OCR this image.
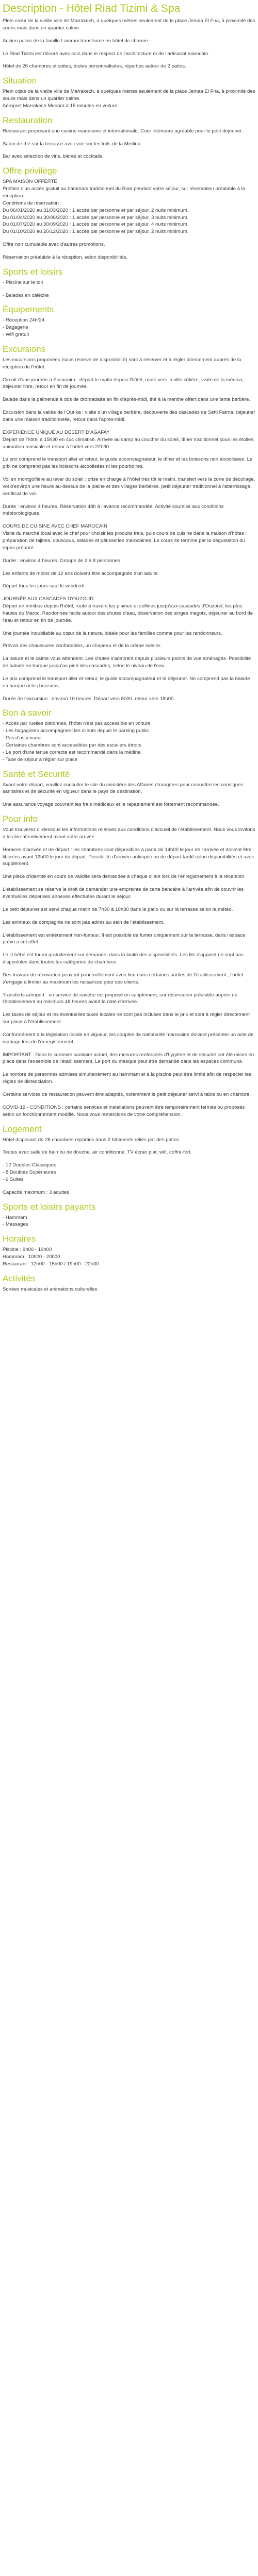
Description - Hôtel Riad Tizimi & Spa

Plein cœur de la vieille ville de Marrakech, à quelques mètres seulement de la place Jemaa El Fna, à proximité des souks mais dans un quartier calme.

Ancien palais de la famille Lamrani transformé en hôtel de charme.

Le Riad Tizimi est décoré avec soin dans le respect de l'architecture et de l'artisanat marocain.

Hôtel de 26 chambres et suites, toutes personnalisées, réparties autour de 2 patios.

Situation

Plein cœur de la vieille ville de Marrakech, à quelques mètres seulement de la place Jemaa El Fna, à proximité des souks mais dans un quartier calme.

Aéroport Marrakech Menara à 15 minutes en voiture.

Restauration

Restaurant proposant une cuisine marocaine et internationale. Cour intérieure agréable pour le petit déjeuner.

Salon de thé sur la terrasse avec vue sur les toits de la Médina.

Bar avec sélection de vins, bières et cocktails.

Offre privilège

SPA MAISON OFFERTE

Profitez d'un accès gratuit au hammam traditionnel du Riad pendant votre séjour, sur réservation préalable à la réception.

Conditions de réservation :

Du 06/01/2020 au 31/03/2020 : 1 accès par personne et par séjour. 2 nuits minimum.

Du 01/04/2020 au 30/06/2020 : 1 accès par personne et par séjour. 3 nuits minimum.

Du 01/07/2020 au 30/09/2020 : 1 accès par personne et par séjour. 4 nuits minimum.

Du 01/10/2020 au 20/12/2020 : 1 accès par personne et par séjour. 2 nuits minimum.

Offre non cumulable avec d'autres promotions.

Réservation préalable à la réception, selon disponibilités.

Sports et loisirs

- Piscine sur le toit

- Balades en calèche

Équipements

- Réception 24h/24

- Bagagerie

- Wifi gratuit

Excursions

Les excursions proposées (sous réserve de disponibilité) sont à réserver et à régler directement auprès de la réception de l'hôtel.

Circuit d'une journée à Essaouira : départ le matin depuis l'hôtel, route vers la ville côtière, visite de la médina, déjeuner libre, retour en fin de journée.

Balade dans la palmeraie à dos de dromadaire en fin d'après-midi, thé à la menthe offert dans une tente berbère.

Excursion dans la vallée de l'Ourika : visite d'un village berbère, découverte des cascades de Setti Fatma, déjeuner dans une maison traditionnelle, retour dans l'après-midi.

EXPÉRIENCE UNIQUE AU DÉSERT D'AGAFAY

Départ de l'hôtel à 15h30 en 4x4 climatisé. Arrivée au camp au coucher du soleil, dîner traditionnel sous les étoiles, animation musicale et retour à l'hôtel vers 22h30.

Le prix comprend le transport aller et retour, le guide accompagnateur, le dîner et les boissons non alcoolisées. Le prix ne comprend pas les boissons alcoolisées ni les pourboires.

Vol en montgolfière au lever du soleil : prise en charge à l'hôtel très tôt le matin, transfert vers la zone de décollage, vol d'environ une heure au-dessus de la plaine et des villages berbères, petit déjeuner traditionnel à l'atterrissage, certificat de vol.

Durée : environ 4 heures. Réservation 48h à l'avance recommandée. Activité soumise aux conditions météorologiques.

COURS DE CUISINE AVEC CHEF MAROCAIN

Visite du marché local avec le chef pour choisir les produits frais, puis cours de cuisine dans la maison d'hôtes : préparation de tajines, couscous, salades et pâtisseries marocaines. Le cours se termine par la dégustation du repas préparé.

Durée : environ 4 heures. Groupe de 2 à 8 personnes.

Les enfants de moins de 12 ans doivent être accompagnés d'un adulte.

Départ tous les jours sauf le vendredi.

JOURNÉE AUX CASCADES D'OUZOUD

Départ en minibus depuis l'hôtel, route à travers les plaines et collines jusqu'aux cascades d'Ouzoud, les plus hautes du Maroc. Randonnée facile autour des chutes d'eau, observation des singes magots, déjeuner au bord de l'eau et retour en fin de journée.

Une journée inoubliable au cœur de la nature, idéale pour les familles comme pour les randonneurs.

Prévoir des chaussures confortables, un chapeau et de la crème solaire.

La nature et le calme vous attendent. Les chutes s'admirent depuis plusieurs points de vue aménagés. Possibilité de balade en barque jusqu'au pied des cascades, selon le niveau de l'eau.

Le prix comprend le transport aller et retour, le guide accompagnateur et le déjeuner. Ne comprend pas la balade en barque ni les boissons.

Durée de l'excursion : environ 10 heures. Départ vers 8h00, retour vers 18h00.

Bon à savoir

- Accès par ruelles piétonnes, l'hôtel n'est pas accessible en voiture

- Les bagagistes accompagnent les clients depuis le parking public

- Pas d'ascenseur

- Certaines chambres sont accessibles par des escaliers étroits

- Le port d'une tenue correcte est recommandé dans la médina

- Taxe de séjour à régler sur place

Santé et Sécurité

Avant votre départ, veuillez consulter le site du ministère des Affaires étrangères pour connaître les consignes sanitaires et de sécurité en vigueur dans le pays de destination.

Une assurance voyage couvrant les frais médicaux et le rapatriement est fortement recommandée.

Pour info

Vous trouverez ci-dessous les informations relatives aux conditions d'accueil de l'établissement. Nous vous invitons à les lire attentivement avant votre arrivée.

Horaires d'arrivée et de départ : les chambres sont disponibles à partir de 14h00 le jour de l'arrivée et doivent être libérées avant 12h00 le jour du départ. Possibilité d'arrivée anticipée ou de départ tardif selon disponibilités et avec supplément.

Une pièce d'identité en cours de validité sera demandée à chaque client lors de l'enregistrement à la réception.

L'établissement se réserve le droit de demander une empreinte de carte bancaire à l'arrivée afin de couvrir les éventuelles dépenses annexes effectuées durant le séjour.

Le petit déjeuner est servi chaque matin de 7h30 à 10h30 dans le patio ou sur la terrasse selon la météo.

Les animaux de compagnie ne sont pas admis au sein de l'établissement.

L'établissement est entièrement non-fumeur. Il est possible de fumer uniquement sur la terrasse, dans l'espace prévu à cet effet.

Le lit bébé est fourni gratuitement sur demande, dans la limite des disponibilités. Les lits d'appoint ne sont pas disponibles dans toutes les catégories de chambres.

Des travaux de rénovation peuvent ponctuellement avoir lieu dans certaines parties de l'établissement ; l'hôtel s'engage à limiter au maximum les nuisances pour ses clients.

Transferts aéroport : un service de navette est proposé en supplément, sur réservation préalable auprès de l'établissement au minimum 48 heures avant la date d'arrivée.

Les taxes de séjour et les éventuelles taxes locales ne sont pas incluses dans le prix et sont à régler directement sur place à l'établissement.

Conformément à la législation locale en vigueur, les couples de nationalité marocaine doivent présenter un acte de mariage lors de l'enregistrement.

IMPORTANT : Dans le contexte sanitaire actuel, des mesures renforcées d'hygiène et de sécurité ont été mises en place dans l'ensemble de l'établissement. Le port du masque peut être demandé dans les espaces communs.

Le nombre de personnes admises simultanément au hammam et à la piscine peut être limité afin de respecter les règles de distanciation.

Certains services de restauration peuvent être adaptés, notamment le petit déjeuner servi à table ou en chambre.

COVID-19 - CONDITIONS : certains services et installations peuvent être temporairement fermés ou proposés selon un fonctionnement modifié. Nous vous remercions de votre compréhension.

Logement

Hôtel disposant de 26 chambres réparties dans 2 bâtiments reliés par des patios.

Toutes avec salle de bain ou de douche, air conditionné, TV écran plat, wifi, coffre-fort.

- 12 Doubles Classiques

- 8 Doubles Supérieures

- 6 Suites

Capacité maximum : 3 adultes

Sports et loisirs payants

- Hammam

- Massages

Horaires

Piscine : 9h00 - 19h00

Hammam : 10h00 - 20h00

Restaurant : 12h00 - 15h00 / 19h00 - 22h30

Activités

Soirées musicales et animations culturelles
